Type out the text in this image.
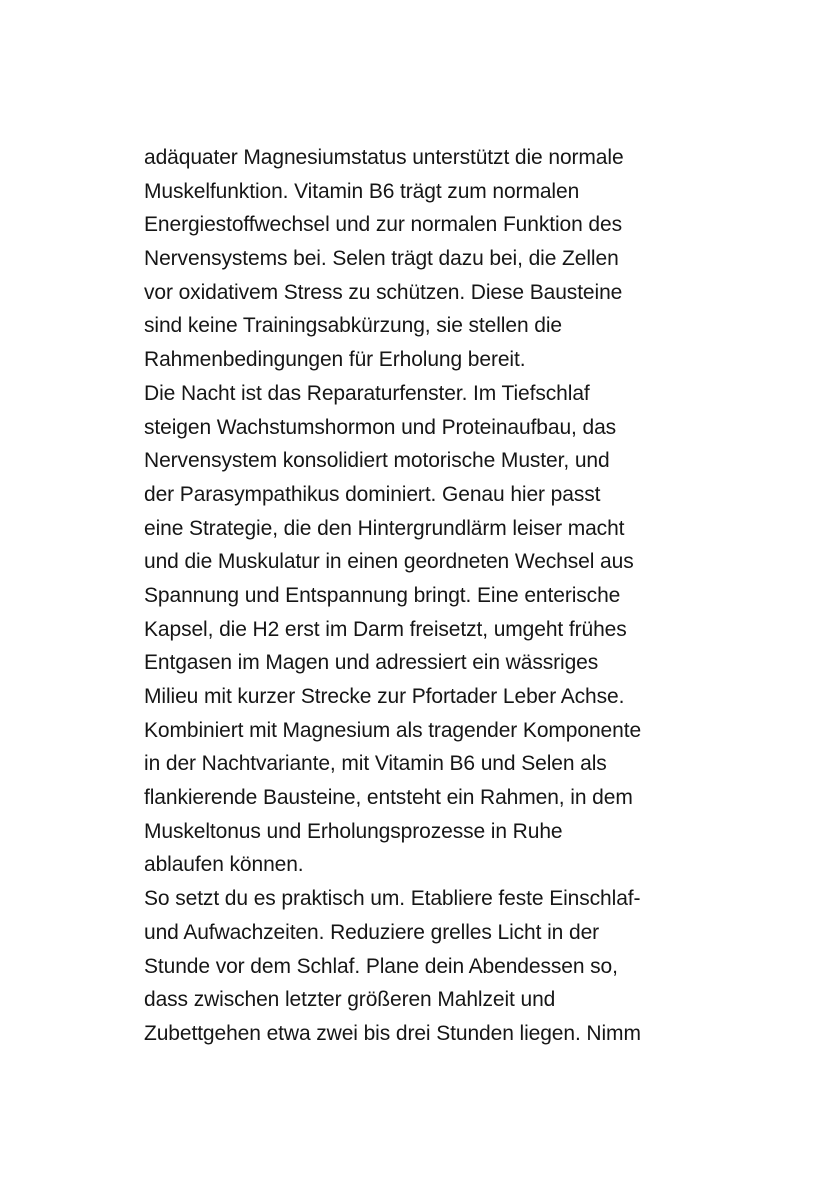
adäquater Magnesiumstatus unterstützt die normale
Muskelfunktion. Vitamin B6 trägt zum normalen
Energiestoffwechsel und zur normalen Funktion des
Nervensystems bei. Selen trägt dazu bei, die Zellen
vor oxidativem Stress zu schützen. Diese Bausteine
sind keine Trainingsabkürzung, sie stellen die
Rahmenbedingungen für Erholung bereit.
Die Nacht ist das Reparaturfenster. Im Tiefschlaf
steigen Wachstumshormon und Proteinaufbau, das
Nervensystem konsolidiert motorische Muster, und
der Parasympathikus dominiert. Genau hier passt
eine Strategie, die den Hintergrundlärm leiser macht
und die Muskulatur in einen geordneten Wechsel aus
Spannung und Entspannung bringt. Eine enterische
Kapsel, die H2 erst im Darm freisetzt, umgeht frühes
Entgasen im Magen und adressiert ein wässriges
Milieu mit kurzer Strecke zur Pfortader Leber Achse.
Kombiniert mit Magnesium als tragender Komponente
in der Nachtvariante, mit Vitamin B6 und Selen als
flankierende Bausteine, entsteht ein Rahmen, in dem
Muskeltonus und Erholungsprozesse in Ruhe
ablaufen können.
So setzt du es praktisch um. Etabliere feste Einschlaf-
und Aufwachzeiten. Reduziere grelles Licht in der
Stunde vor dem Schlaf. Plane dein Abendessen so,
dass zwischen letzter größeren Mahlzeit und
Zubettgehen etwa zwei bis drei Stunden liegen. Nimm
